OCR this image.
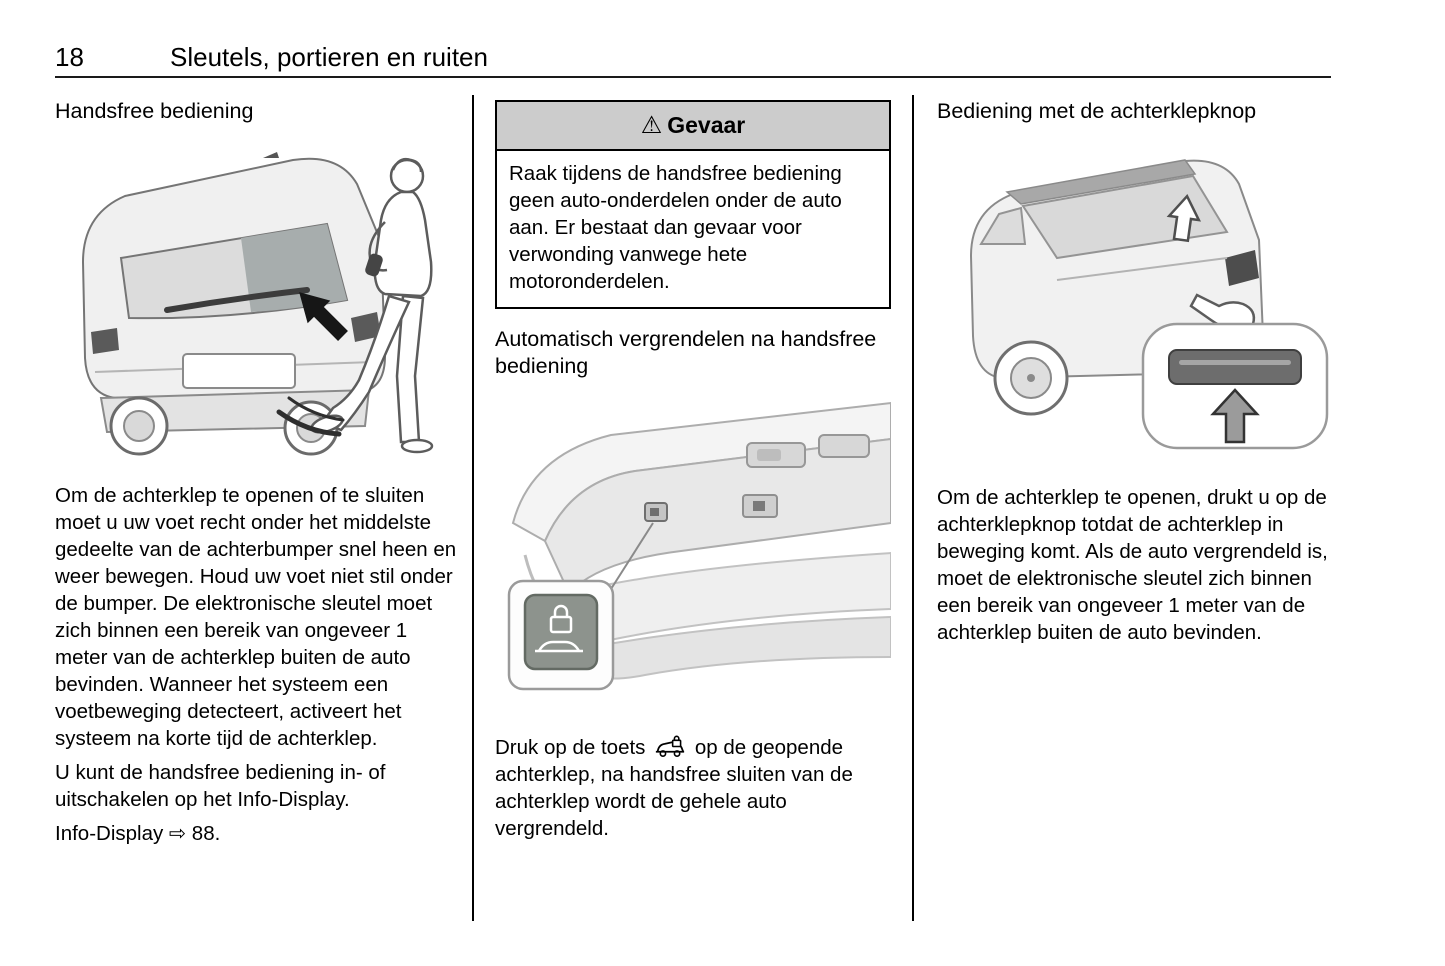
18	Sleutels, portieren en ruiten
Handsfree bediening

Om de achterklep te openen of te sluiten moet u uw voet recht onder het middelste gedeelte van de achterbumper snel heen en weer bewegen. Houd uw voet niet stil onder de bumper. De elektronische sleutel moet zich binnen een bereik van ongeveer 1 meter van de achterklep buiten de auto bevinden. Wanneer het systeem een voetbeweging detecteert, activeert het systeem na korte tijd de achterklep.

U kunt de handsfree bediening in- of uitschakelen op het Info-Display.

Info-Display ⇨ 88.

⚠ Gevaar
Raak tijdens de handsfree bediening geen auto-onderdelen onder de auto aan. Er bestaat dan gevaar voor verwonding vanwege hete motoronderdelen.
Automatisch vergrendelen na handsfree bediening

Druk op de toets op de geopende achterklep, na handsfree sluiten van de achterklep wordt de gehele auto vergrendeld.

Bediening met de achterklepknop

Om de achterklep te openen, drukt u op de achterklepknop totdat de achterklep in beweging komt. Als de auto vergrendeld is, moet de elektronische sleutel zich binnen een bereik van ongeveer 1 meter van de achterklep buiten de auto bevinden.
